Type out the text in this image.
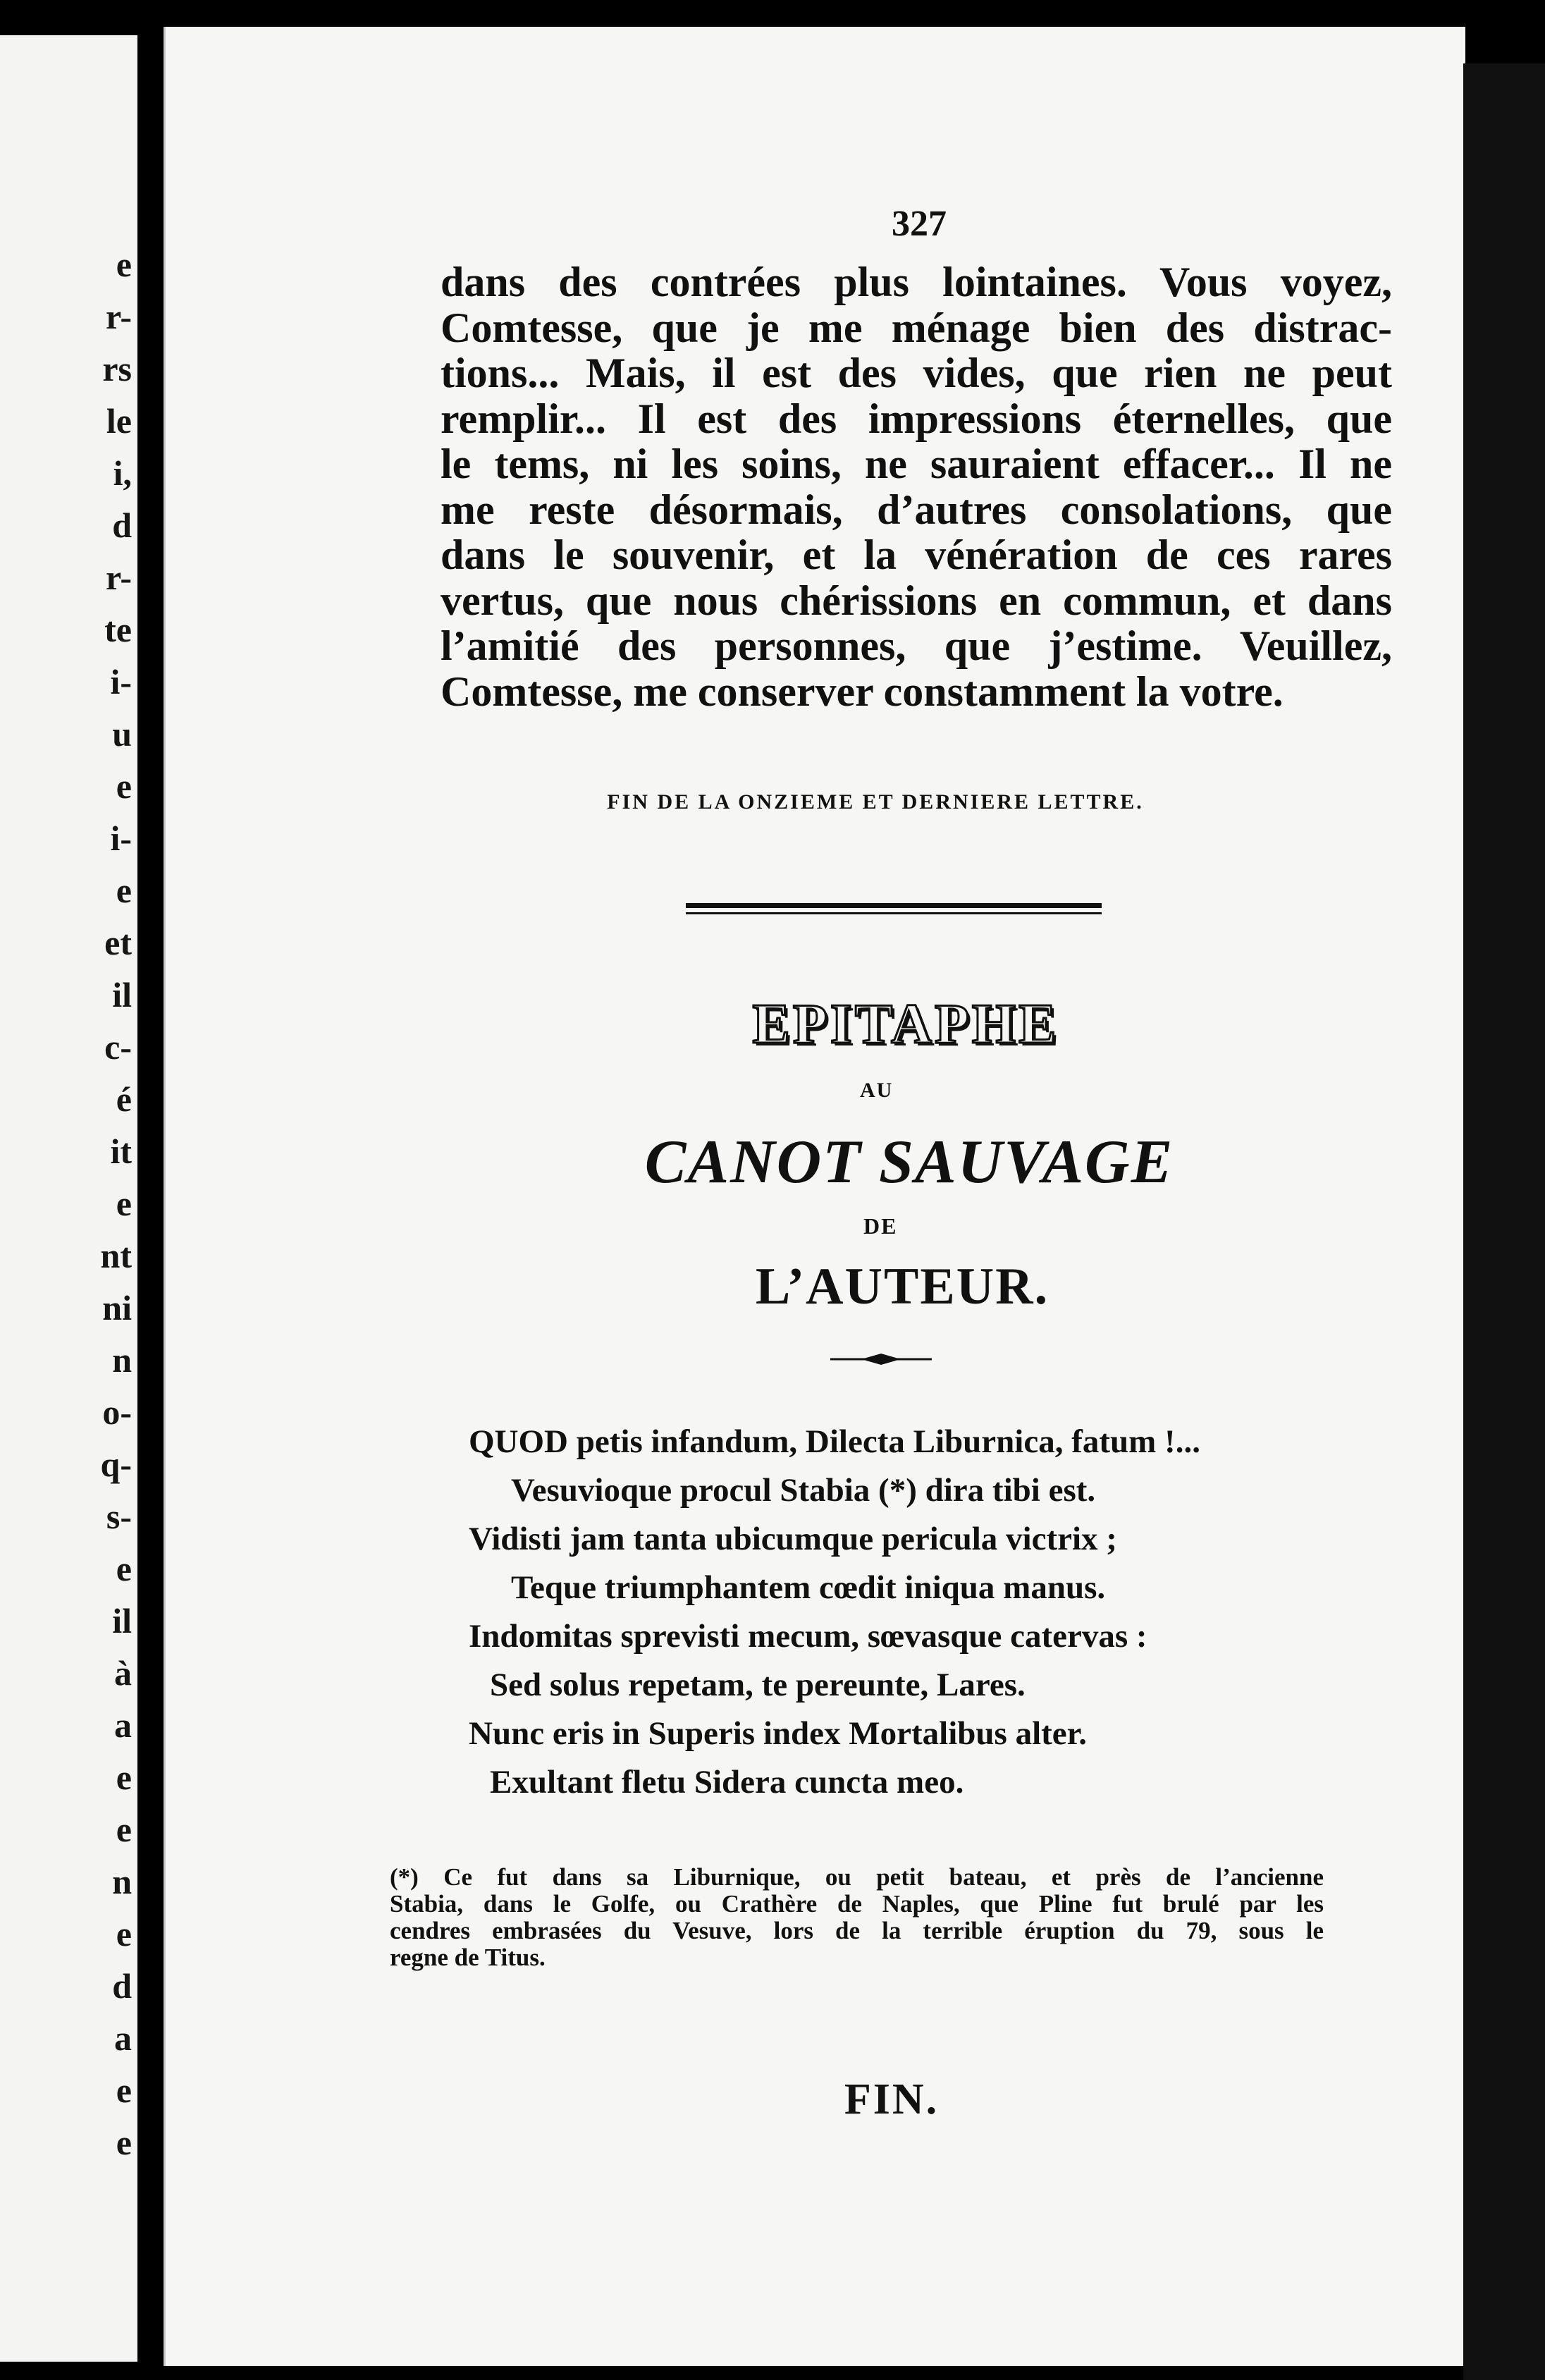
e
r-
rs
le
i,
d
r-
te
i-
u
e
i-
e
et
il
c-
é
it
e
nt
ni
n
o-
q-
s-
e
il
à
a
e
e
n
e
d
a
e
e
327
dans des contrées plus lointaines. Vous voyez,
Comtesse, que je me ménage bien des distrac-
tions... Mais, il est des vides, que rien ne peut
remplir... Il est des impressions éternelles, que
le tems, ni les soins, ne sauraient effacer... Il ne
me reste désormais, d’autres consolations, que
dans le souvenir, et la vénération de ces rares
vertus, que nous chérissions en commun, et dans
l’amitié des personnes, que j’estime. Veuillez,
Comtesse, me conserver constamment la votre.
FIN DE LA ONZIEME ET DERNIERE LETTRE.
EPITAPHE
AU
CANOT SAUVAGE
DE
L’AUTEUR.
QUOD petis infandum, Dilecta Liburnica, fatum !...
Vesuvioque procul Stabia (*) dira tibi est.
Vidisti jam tanta ubicumque pericula victrix ;
Teque triumphantem cœdit iniqua manus.
Indomitas sprevisti mecum, sœvasque catervas :
Sed solus repetam, te pereunte, Lares.
Nunc eris in Superis index Mortalibus alter.
Exultant fletu Sidera cuncta meo.
(*) Ce fut dans sa Liburnique, ou petit bateau, et près de l’ancienne
Stabia, dans le Golfe, ou Crathère de Naples, que Pline fut brulé par les
cendres embrasées du Vesuve, lors de la terrible éruption du 79, sous le
regne de Titus.
FIN.
